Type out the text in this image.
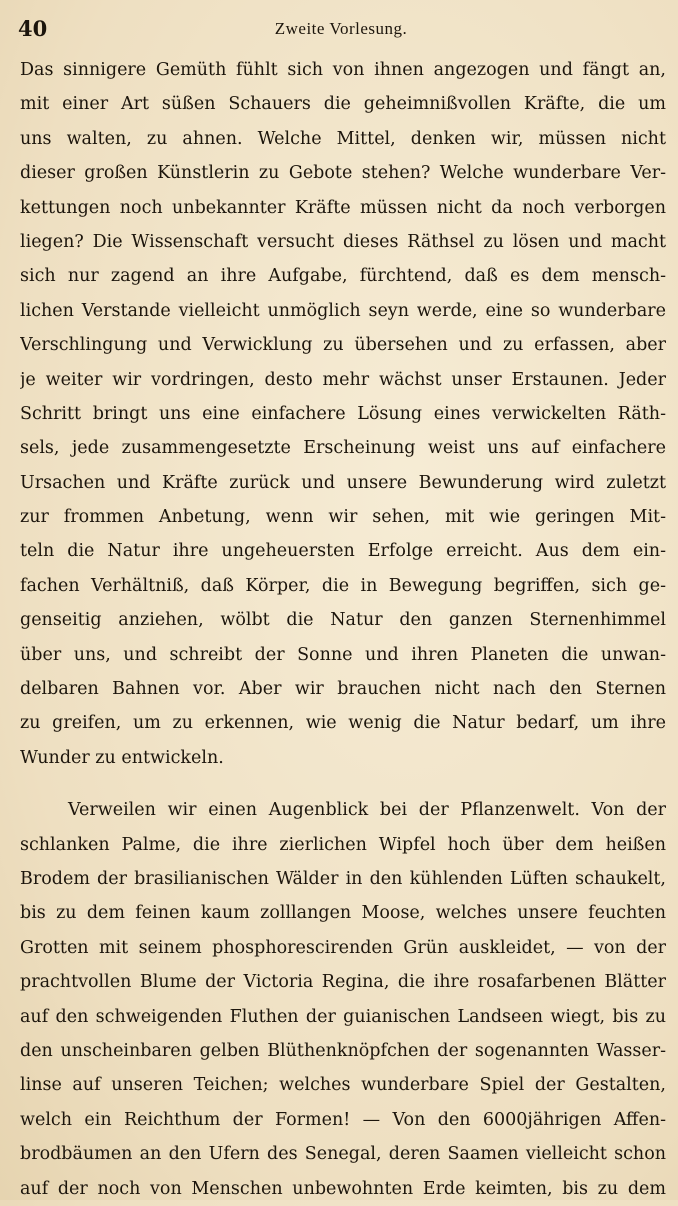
40	Zweite Vorlesung.
Das sinnigere Gemüth fühlt sich von ihnen angezogen und fängt an,
mit einer Art süßen Schauers die geheimnißvollen Kräfte, die um
uns walten, zu ahnen. Welche Mittel, denken wir, müssen nicht
dieser großen Künstlerin zu Gebote stehen? Welche wunderbare Ver-
kettungen noch unbekannter Kräfte müssen nicht da noch verborgen
liegen? Die Wissenschaft versucht dieses Räthsel zu lösen und macht
sich nur zagend an ihre Aufgabe, fürchtend, daß es dem mensch-
lichen Verstande vielleicht unmöglich seyn werde, eine so wunderbare
Verschlingung und Verwicklung zu übersehen und zu erfassen, aber
je weiter wir vordringen, desto mehr wächst unser Erstaunen. Jeder
Schritt bringt uns eine einfachere Lösung eines verwickelten Räth-
sels, jede zusammengesetzte Erscheinung weist uns auf einfachere
Ursachen und Kräfte zurück und unsere Bewunderung wird zuletzt
zur frommen Anbetung, wenn wir sehen, mit wie geringen Mit-
teln die Natur ihre ungeheuersten Erfolge erreicht. Aus dem ein-
fachen Verhältniß, daß Körper, die in Bewegung begriffen, sich ge-
genseitig anziehen, wölbt die Natur den ganzen Sternenhimmel
über uns, und schreibt der Sonne und ihren Planeten die unwan-
delbaren Bahnen vor. Aber wir brauchen nicht nach den Sternen
zu greifen, um zu erkennen, wie wenig die Natur bedarf, um ihre
Wunder zu entwickeln.
Verweilen wir einen Augenblick bei der Pflanzenwelt. Von der
schlanken Palme, die ihre zierlichen Wipfel hoch über dem heißen
Brodem der brasilianischen Wälder in den kühlenden Lüften schaukelt,
bis zu dem feinen kaum zolllangen Moose, welches unsere feuchten
Grotten mit seinem phosphorescirenden Grün auskleidet, — von der
prachtvollen Blume der Victoria Regina, die ihre rosafarbenen Blätter
auf den schweigenden Fluthen der guianischen Landseen wiegt, bis zu
den unscheinbaren gelben Blüthenknöpfchen der sogenannten Wasser-
linse auf unseren Teichen; welches wunderbare Spiel der Gestalten,
welch ein Reichthum der Formen! — Von den 6000jährigen Affen-
brodbäumen an den Ufern des Senegal, deren Saamen vielleicht schon
auf der noch von Menschen unbewohnten Erde keimten, bis zu dem
